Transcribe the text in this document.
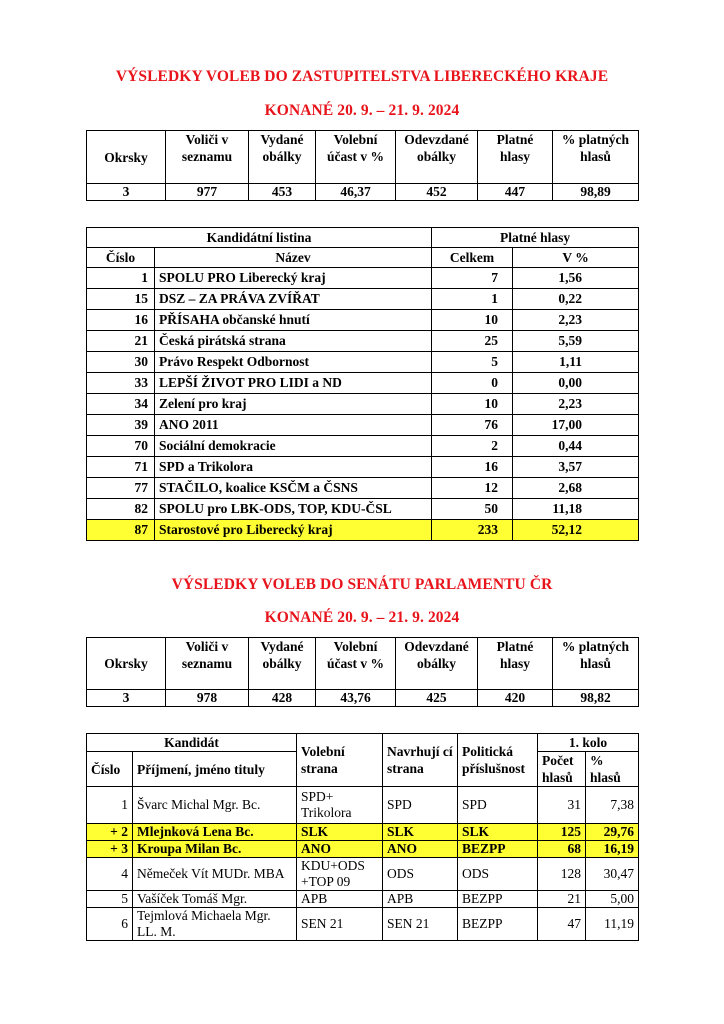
VÝSLEDKY VOLEB DO ZASTUPITELSTVA LIBERECKÉHO KRAJE
KONANÉ 20. 9. – 21. 9. 2024
Okrsky	Voliči v seznamu	Vydané obálky	Volební účast v %	Odevzdané obálky	Platné hlasy	% platných hlasů
3	977	453	46,37	452	447	98,89
Kandidátní listina		Platné hlasy	
Číslo	Název	Celkem	V %
1	SPOLU PRO Liberecký kraj	7	1,56
15	DSZ – ZA PRÁVA ZVÍŘAT	1	0,22
16	PŘÍSAHA občanské hnutí	10	2,23
21	Česká pirátská strana	25	5,59
30	Právo Respekt Odbornost	5	1,11
33	LEPŠÍ ŽIVOT PRO LIDI a ND	0	0,00
34	Zelení pro kraj	10	2,23
39	ANO 2011	76	17,00
70	Sociální demokracie	2	0,44
71	SPD a Trikolora	16	3,57
77	STAČILO, koalice KSČM a ČSNS	12	2,68
82	SPOLU pro LBK-ODS, TOP, KDU-ČSL	50	11,18
87	Starostové pro Liberecký kraj	233	52,12
VÝSLEDKY VOLEB DO SENÁTU PARLAMENTU ČR
KONANÉ 20. 9. – 21. 9. 2024
Okrsky	Voliči v seznamu	Vydané obálky	Volební účast v %	Odevzdané obálky	Platné hlasy	% platných hlasů
3	978	428	43,76	425	420	98,82
Kandidát		Volební strana	Navrhují cí strana	Politická příslušnost	1. kolo	
Číslo	Příjmení, jméno tituly				Počet hlasů	% hlasů
1	Švarc Michal Mgr. Bc.	SPD+ Trikolora	SPD	SPD	31	7,38
+ 2	Mlejnková Lena Bc.	SLK	SLK	SLK	125	29,76
+ 3	Kroupa Milan Bc.	ANO	ANO	BEZPP	68	16,19
4	Němeček Vít MUDr. MBA	KDU+ODS +TOP 09	ODS	ODS	128	30,47
5	Vašíček Tomáš Mgr.	APB	APB	BEZPP	21	5,00
6	Tejmlová Michaela Mgr. LL. M.	SEN 21	SEN 21	BEZPP	47	11,19
